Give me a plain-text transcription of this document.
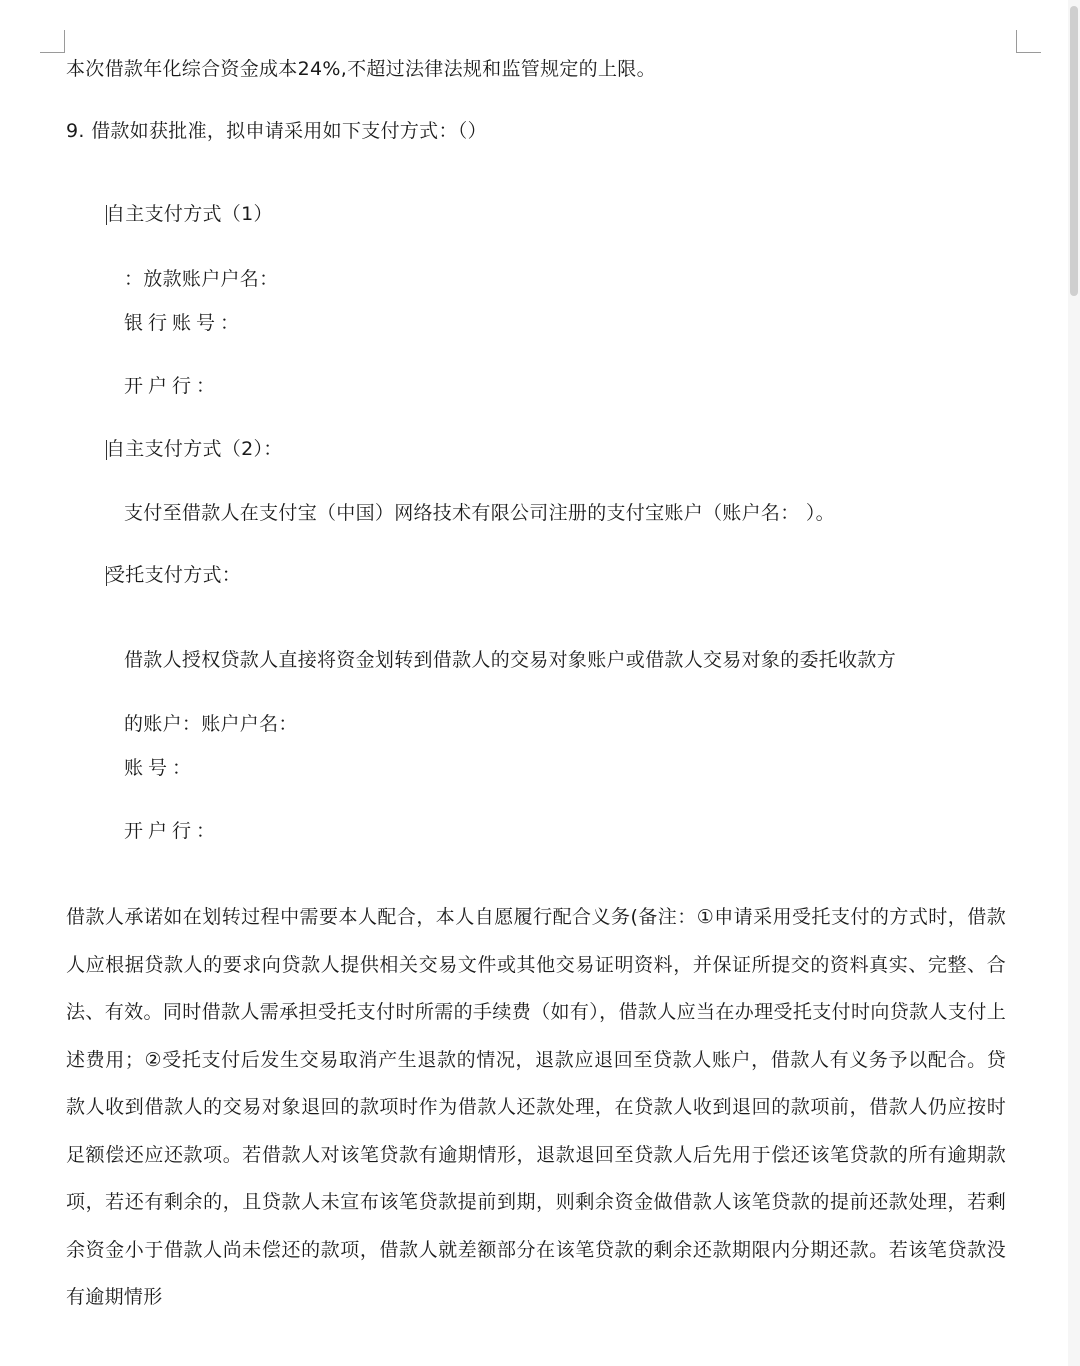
本次借款年化综合资金成本24%,不超过法律法规和监管规定的上限。
9. 借款如获批准，拟申请采用如下支付方式：（）
自主支付方式（1）
：放款账户户名：
银行账号：
开户行：
自主支付方式（2）：
支付至借款人在支付宝（中国）网络技术有限公司注册的支付宝账户（账户名： ）。
受托支付方式：
借款人授权贷款人直接将资金划转到借款人的交易对象账户或借款人交易对象的委托收款方
的账户：账户户名：
账号：
开户行：
借款人承诺如在划转过程中需要本人配合，本人自愿履行配合义务(备注：①申请采用受托支付的方式时，借款人应根据贷款人的要求向贷款人提供相关交易文件或其他交易证明资料，并保证所提交的资料真实、完整、合法、有效。同时借款人需承担受托支付时所需的手续费（如有），借款人应当在办理受托支付时向贷款人支付上述费用；②受托支付后发生交易取消产生退款的情况，退款应退回至贷款人账户，借款人有义务予以配合。贷款人收到借款人的交易对象退回的款项时作为借款人还款处理，在贷款人收到退回的款项前，借款人仍应按时足额偿还应还款项。若借款人对该笔贷款有逾期情形，退款退回至贷款人后先用于偿还该笔贷款的所有逾期款项，若还有剩余的，且贷款人未宣布该笔贷款提前到期，则剩余资金做借款人该笔贷款的提前还款处理，若剩余资金小于借款人尚未偿还的款项，借款人就差额部分在该笔贷款的剩余还款期限内分期还款。若该笔贷款没有逾期情形
